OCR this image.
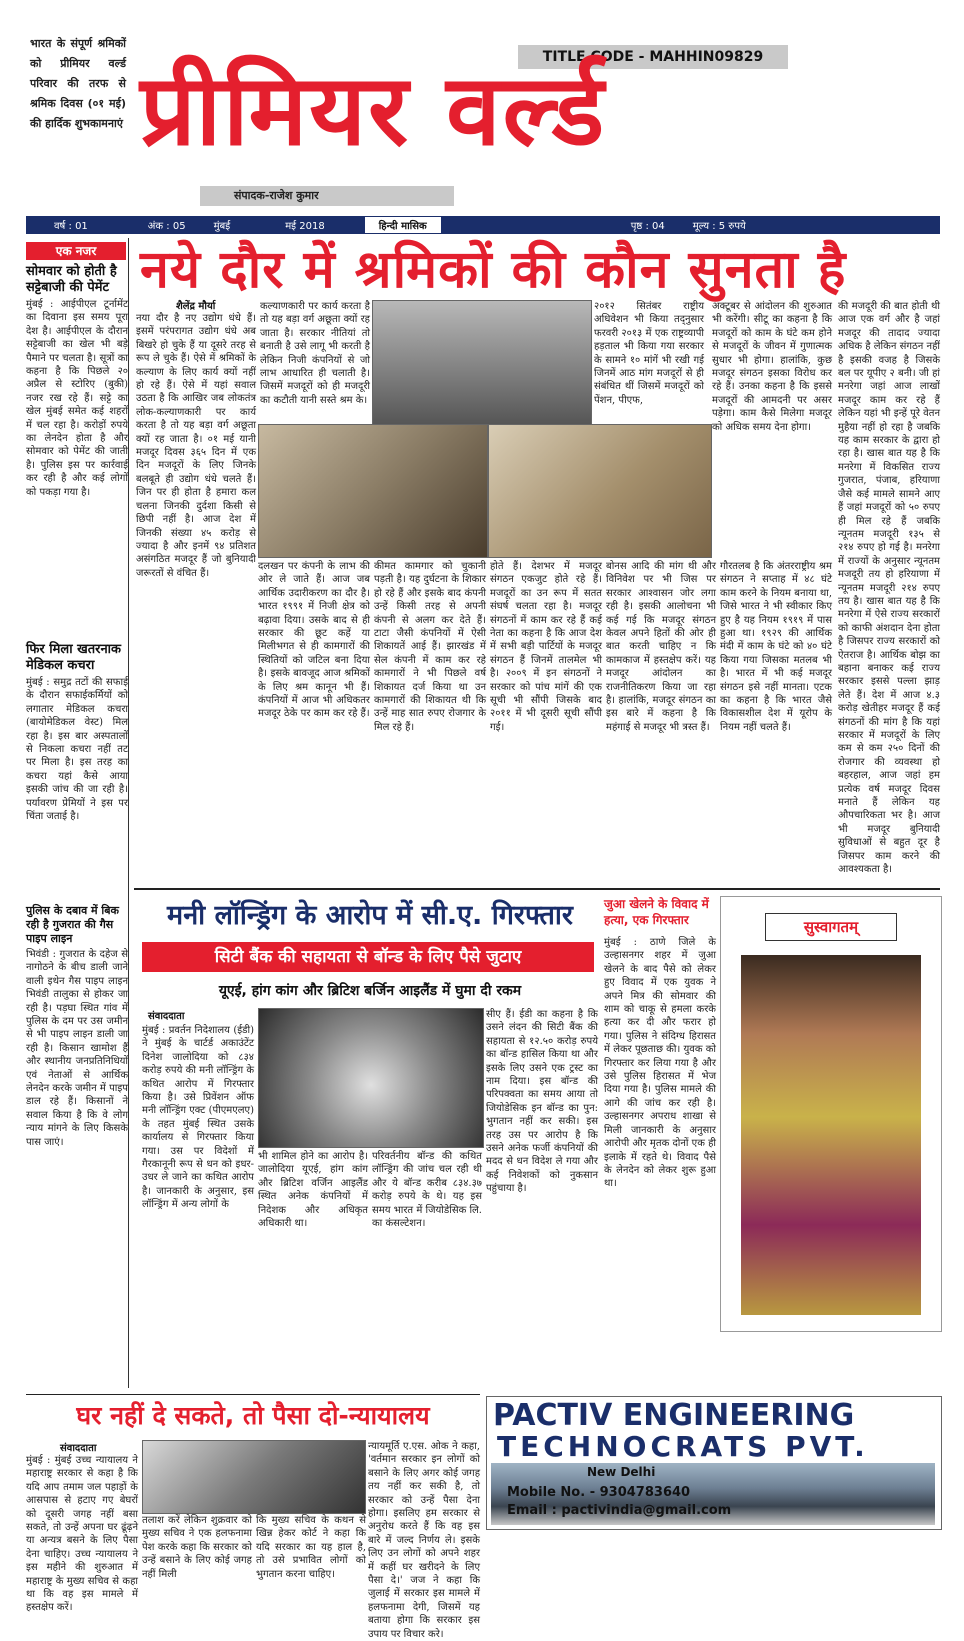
भारत के संपूर्ण श्रमिकों को प्रीमियर वर्ल्ड परिवार की तरफ से श्रमिक दिवस (०१ मई) की हार्दिक शुभकामनाएं
TITLE CODE - MAHHIN09829
प्रीमियर वर्ल्ड
संपादक-राजेश कुमार
वर्ष : 01	अंक : 05	मुंबई	मई 2018	हिन्दी मासिक	पृष्ठ : 04	मूल्य : 5 रुपये
एक नजर
सोमवार को होती है सट्टेबाजी की पेमेंट
मुंबई : आईपीएल टूर्नामेंट का दिवाना इस समय पूरा देश है। आईपीएल के दौरान सट्टेबाजी का खेल भी बड़े पैमाने पर चलता है। सूत्रों का कहना है कि पिछले २० अप्रैल से स्टोरिए (बुकी) नजर रख रहे हैं। सट्टे का खेल मुंबई समेत कई शहरों में चल रहा है। करोड़ों रुपये का लेनदेन होता है और सोमवार को पेमेंट की जाती है। पुलिस इस पर कार्रवाई कर रही है और कई लोगों को पकड़ा गया है।
फिर मिला खतरनाक मेडिकल कचरा
मुंबई : समुद्र तटों की सफाई के दौरान सफाईकर्मियों को लगातार मेडिकल कचरा (बायोमेडिकल वेस्ट) मिल रहा है। इस बार अस्पतालों से निकला कचरा नहीं तट पर मिला है। इस तरह का कचरा यहां कैसे आया इसकी जांच की जा रही है। पर्यावरण प्रेमियों ने इस पर चिंता जताई है।
पुलिस के दबाव में बिक रही है गुजरात की गैस पाइप लाइन
भिवंडी : गुजरात के दहेज से नागोठने के बीच डाली जाने वाली इथेन गैस पाइप लाइन भिवंडी तालुका से होकर जा रही है। पड़घा स्थित गांव में पुलिस के दम पर उस जमीन से भी पाइप लाइन डाली जा रही है। किसान खामोश हैं और स्थानीय जनप्रतिनिधियों एवं नेताओं से आर्थिक लेनदेन करके जमीन में पाइप डाल रहे हैं। किसानों ने सवाल किया है कि वे लोग न्याय मांगने के लिए किसके पास जाएं।
नये दौर में श्रमिकों की कौन सुनता है
शैलेंद्र मौर्या
नया दौर है नए उद्योग धंधे हैं। इसमें परंपरागत उद्योग धंधे अब बिखरे हो चुके हैं या दूसरे तरह से रूप ले चुके हैं। ऐसे में श्रमिकों के कल्याण के लिए कार्य क्यों नहीं हो रहे हैं। ऐसे में यहां सवाल उठता है कि आखिर जब लोकतंत्र लोक-कल्याणकारी पर कार्य करता है तो यह बड़ा वर्ग अछूता क्यों रह जाता है। ०१ मई यानी मजदूर दिवस ३६५ दिन में एक दिन मजदूरों के लिए जिनके बलबूते ही उद्योग धंधे चलते हैं। जिन पर ही होता है हमारा कल चलना जिनकी दुर्दशा किसी से छिपी नहीं है। आज देश में जिनकी संख्या ४५ करोड़ से ज्यादा है और इनमें ९४ प्रतिशत असंगठित मजदूर हैं जो बुनियादी जरूरतों से वंचित हैं।
कल्याणकारी पर कार्य करता है तो यह बड़ा वर्ग अछूता क्यों रह जाता है। सरकार नीतियां तो बनाती है उसे लागू भी करती है लेकिन निजी कंपनियों से जो लाभ आधारित ही चलाती है। जिसमें मजदूरों को ही मजदूरी का कटौती यानी सस्ते श्रम के।
२०१२ सितंबर राष्ट्रीय अधिवेशन भी किया तद्नुसार फरवरी २०१३ में एक राष्ट्रव्यापी हड़ताल भी किया गया सरकार के सामने १० मांगें भी रखी गई जिनमें आठ मांग मजदूरों से ही संबंधित थीं जिसमें मजदूरों को पेंशन, पीएफ,
अक्टूबर से आंदोलन की शुरुआत भी करेंगी। सीटू का कहना है कि मजदूरों को काम के घंटे कम होने से मजदूरों के जीवन में गुणात्मक सुधार भी होगा। हालांकि, कुछ मजदूर संगठन इसका विरोध कर रहे हैं। उनका कहना है कि इससे मजदूरों की आमदनी पर असर पड़ेगा। काम कैसे मिलेगा मजदूर को अधिक समय देना होगा।
की मजदूरी की बात होती थी आज एक वर्ग और है जहां मजदूर की तादाद ज्यादा अधिक है लेकिन संगठन नहीं है इसकी वजह है जिसके बल पर यूपीए २ बनी। जी हां मनरेगा जहां आज लाखों मजदूर काम कर रहे हैं लेकिन यहां भी इन्हें पूरे वेतन मुहैया नहीं हो रहा है जबकि यह काम सरकार के द्वारा हो रहा है। खास बात यह है कि मनरेगा में विकसित राज्य गुजरात, पंजाब, हरियाणा जैसे कई मामले सामने आए हैं जहां मजदूरों को ५० रुपए ही मिल रहे हैं जबकि न्यूनतम मजदूरी १३५ से २१४ रुपए हो गई है। मनरेगा में राज्यों के अनुसार न्यूनतम मजदूरी तय हो हरियाणा में न्यूनतम मजदूरी २१४ रुपए तय है। खास बात यह है कि मनरेगा में ऐसे राज्य सरकारों को काफी अंशदान देना होता है जिसपर राज्य सरकारों को ऐतराज है। आर्थिक बोझ का बहाना बनाकर कई राज्य सरकार इससे पल्ला झाड़ लेते हैं। देश में आज ४.३ करोड़ खेतीहर मजदूर हैं कई संगठनों की मांग है कि यहां सरकार में मजदूरों के लिए कम से कम २५० दिनों की रोजगार की व्यवस्था हो बहरहाल, आज जहां हम प्रत्येक वर्ष मजदूर दिवस मनाते हैं लेकिन यह औपचारिकता भर है। आज भी मजदूर बुनियादी सुविधाओं से बहुत दूर है जिसपर काम करने की आवश्यकता है।
दलखन पर कंपनी के लाभ की ओर ले जाते हैं। आज जब आर्थिक उदारीकरण का दौर है। भारत १९९१ में निजी क्षेत्र को बढ़ावा दिया। उसके बाद से ही सरकार की छूट कहें या मिलीभगत से ही कामगारों की स्थितियों को जटिल बना दिया है। इसके बावजूद आज श्रमिकों के लिए श्रम कानून भी हैं। कंपनियों में आज भी अधिकतर मजदूर ठेके पर काम कर रहे हैं।
कीमत कामगार को चुकानी पड़ती है। यह दुर्घटना के शिकार हो रहे हैं और इसके बाद कंपनी उन्हें किसी तरह से अपनी कंपनी से अलग कर देते हैं। टाटा जैसी कंपनियों में ऐसी शिकायतें आई हैं। झारखंड में सेल कंपनी में काम कर रहे कामगारों ने भी पिछले वर्ष शिकायत दर्ज किया था उन कामगारों की शिकायत थी कि उन्हें माह सात रुपए रोजगार के मिल रहे हैं।
होते हैं। देशभर में मजदूर संगठन एकजुट होते रहे हैं। मजदूरों का उन रूप में सतत संघर्ष चलता रहा है। मजदूर संगठनों में काम कर रहे हैं कई नेता का कहना है कि आज देश में सभी बड़ी पार्टियों के मजदूर संगठन हैं जिनमें तालमेल भी है। २००९ में इन संगठनों ने सरकार को पांच मांगें की एक सूची भी सौंपी जिसके बाद २०११ में भी दूसरी सूची सौंपी गई।
बोनस आदि की मांग थी और विनिवेश पर भी जिस पर सरकार आश्वासन जोर लगा रही है। इसकी आलोचना भी कई गई कि मजदूर संगठन केवल अपने हितों की ओर ही बात करती चाहिए न कि कामकाज में हस्तक्षेप करें। यह मजदूर आंदोलन का राजनीतिकरण किया जा रहा है। हालांकि, मजदूर संगठन का इस बारे में कहना है कि महंगाई से मजदूर भी त्रस्त हैं।
गौरतलब है कि अंतरराष्ट्रीय श्रम संगठन ने सप्ताह में ४८ घंटे काम करने के नियम बनाया था, जिसे भारत ने भी स्वीकार किए हुए है यह नियम १९१९ में पास हुआ था। १९२९ की आर्थिक मंदी में काम के घंटे को ४० घंटे किया गया जिसका मतलब भी है। भारत में भी कई मजदूर संगठन इसे नहीं मानता। एटक का कहना है कि भारत जैसे विकासशील देश में यूरोप के नियम नहीं चलते हैं।
मनी लॉन्ड्रिंग के आरोप में सी.ए. गिरफ्तार
सिटी बैंक की सहायता से बॉन्ड के लिए पैसे जुटाए
यूएई, हांग कांग और ब्रिटिश बर्जिन आइलैंड में घुमा दी रकम
संवाददाता
मुंबई : प्रवर्तन निदेशालय (ईडी) ने मुंबई के चार्टर्ड अकाउंटेंट दिनेश जालोदिया को ८३४ करोड़ रुपये की मनी लॉन्ड्रिंग के कथित आरोप में गिरफ्तार किया है। उसे प्रिवेंशन ऑफ मनी लॉन्ड्रिंग एक्ट (पीएमएलए) के तहत मुंबई स्थित उसके कार्यालय से गिरफ्तार किया गया। उस पर विदेशों में गैरकानूनी रूप से धन को इधर-उधर ले जाने का कथित आरोप है। जानकारी के अनुसार, इस लॉन्ड्रिंग में अन्य लोगों के
सीए हैं। ईडी का कहना है कि उसने लंदन की सिटी बैंक की सहायता से १२.५० करोड़ रुपये का बॉन्ड हासिल किया था और इसके लिए उसने एक ट्रस्ट का नाम दिया। इस बॉन्ड की परिपक्वता का समय आया तो जियोडेसिक इन बॉन्ड का पुन: भुगतान नहीं कर सकी। इस तरह उस पर आरोप है कि उसने अनेक फर्जी कंपनियों की मदद से धन विदेश ले गया और कई निवेशकों को नुकसान पहुंचाया है।
भी शामिल होने का आरोप है। जालोदिया यूएई, हांग कांग और ब्रिटिश वर्जिन आइलैंड स्थित अनेक कंपनियों में निदेशक और अधिकृत अधिकारी था।
परिवर्तनीय बॉन्ड की कथित लॉन्ड्रिंग की जांच चल रही थी और ये बॉन्ड करीब ८३४.३७ करोड़ रुपये के थे। यह इस समय भारत में जियोडेसिक लि. का कंसल्टेशन।
जुआ खेलने के विवाद में हत्या, एक गिरफ्तार
मुंबई : ठाणे जिले के उल्हासनगर शहर में जुआ खेलने के बाद पैसे को लेकर हुए विवाद में एक युवक ने अपने मित्र की सोमवार की शाम को चाकू से हमला करके हत्या कर दी और फरार हो गया। पुलिस ने संदिग्ध हिरासत में लेकर पूछताछ की। युवक को गिरफ्तार कर लिया गया है और उसे पुलिस हिरासत में भेज दिया गया है। पुलिस मामले की आगे की जांच कर रही है। उल्हासनगर अपराध शाखा से मिली जानकारी के अनुसार आरोपी और मृतक दोनों एक ही इलाके में रहते थे। विवाद पैसे के लेनदेन को लेकर शुरू हुआ था।
सुस्वागतम्
घर नहीं दे सकते, तो पैसा दो-न्यायालय
संवाददाता
मुंबई : मुंबई उच्च न्यायालय ने महाराष्ट्र सरकार से कहा है कि यदि आप तमाम जल पहाड़ों के आसपास से हटाए गए बेघरों को दूसरी जगह नहीं बसा सकते, तो उन्हें अपना घर ढूंढ़ने या अन्यत्र बसने के लिए पैसा देना चाहिए। उच्च न्यायालय ने इस महीने की शुरुआत में महाराष्ट्र के मुख्य सचिव से कहा था कि वह इस मामले में हस्तक्षेप करें।
तलाश करें लेकिन शुक्रवार को मुख्य सचिव ने एक हलफनामा पेश करके कहा कि सरकार को उन्हें बसाने के लिए कोई जगह नहीं मिली
कि मुख्य सचिव के कथन से खिन्न हेकर कोर्ट ने कहा कि यदि सरकार का यह हाल है, तो उसे प्रभावित लोगों को भुगतान करना चाहिए।
न्यायमूर्ति ए.एस. ओक ने कहा, 'वर्तमान सरकार इन लोगों को बसाने के लिए अगर कोई जगह तय नहीं कर सकी है, तो सरकार को उन्हें पैसा देना होगा। इसलिए हम सरकार से अनुरोध करते हैं कि वह इस बारे में जल्द निर्णय ले। इसके लिए उन लोगों को अपने शहर में कहीं घर खरीदने के लिए पैसा दे।' जज ने कहा कि जुलाई में सरकार इस मामले में हलफनामा देगी, जिसमें यह बताया होगा कि सरकार इस उपाय पर विचार करे।
PACTIV ENGINEERING
TECHNOCRATS PVT.
New Delhi
Mobile No. - 9304783640
Email : pactivindia@gmail.com
